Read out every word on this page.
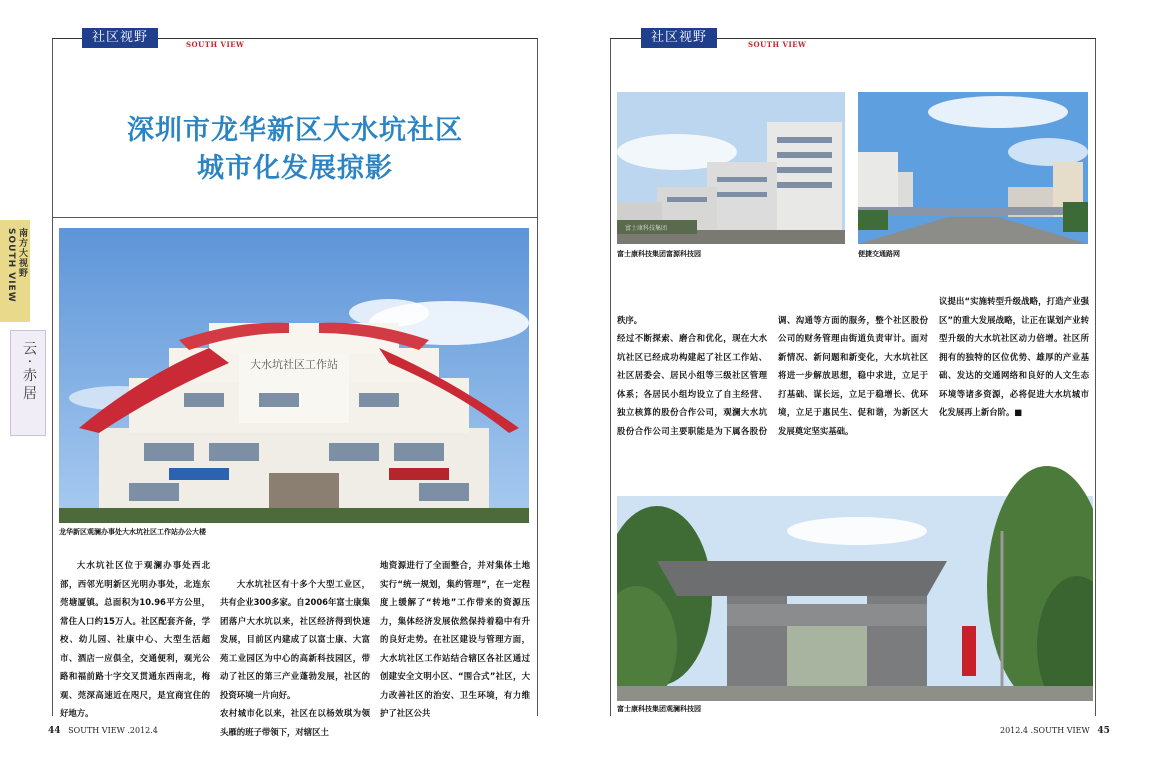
社区视野	SOUTH VIEW
深圳市龙华新区大水坑社区
城市化发展掠影
南方大视野 SOUTH VIEW
云·赤居	大水坑社区工作站
龙华新区观澜办事处大水坑社区工作站办公大楼

大水坑社区位于观澜办事处西北部，西邻光明新区光明办事处，北连东莞塘厦镇。总面积为10.96平方公里，常住人口约15万人。社区配套齐备，学校、幼儿园、社康中心、大型生活超市、酒店一应俱全，交通便利，观光公路和福前路十字交叉贯通东西南北，梅观、莞深高速近在咫尺，是宜商宜住的好地方。

大水坑社区有十多个大型工业区，共有企业300多家。自2006年富士康集团落户大水坑以来，社区经济得到快速发展，目前区内建成了以富士康、大富苑工业园区为中心的高新科技园区，带动了社区的第三产业蓬勃发展，社区的投资环境一片向好。
农村城市化以来，社区在以杨效琪为领头雁的班子带领下，对辖区土

地资源进行了全面整合，并对集体土地实行“统一规划，集约管理”，在一定程度上缓解了“转地”工作带来的资源压力，集体经济发展依然保持着稳中有升的良好走势。在社区建设与管理方面，大水坑社区工作站结合辖区各社区通过创建安全文明小区、“围合式”社区，大力改善社区的治安、卫生环境，有力维护了社区公共

44 SOUTH VIEW .2012.4
社区视野	SOUTH VIEW
富士康科技集团
富士康科技集团富源科技园	便捷交通路网

秩序。
经过不断探索、磨合和优化，现在大水坑社区已经成功构建起了社区工作站、社区居委会、居民小组等三级社区管理体系；各居民小组均设立了自主经营、独立核算的股份合作公司，观澜大水坑股份合作公司主要职能是为下属各股份

调、沟通等方面的服务，整个社区股份公司的财务管理由街道负责审计。面对新情况、新问题和新变化，大水坑社区将进一步解放思想，稳中求进，立足于打基础、谋长远，立足于稳增长、优环境，立足于惠民生、促和谐，为新区大发展奠定坚实基础。

议提出“实施转型升级战略，打造产业强区”的重大发展战略，让正在谋划产业转型升级的大水坑社区动力倍增。社区所拥有的独特的区位优势、雄厚的产业基础、发达的交通网络和良好的人文生态环境等诸多资源，必将促进大水坑城市化发展再上新台阶。■

富士康科技集团观澜科技园
2012.4 .SOUTH VIEW 45
